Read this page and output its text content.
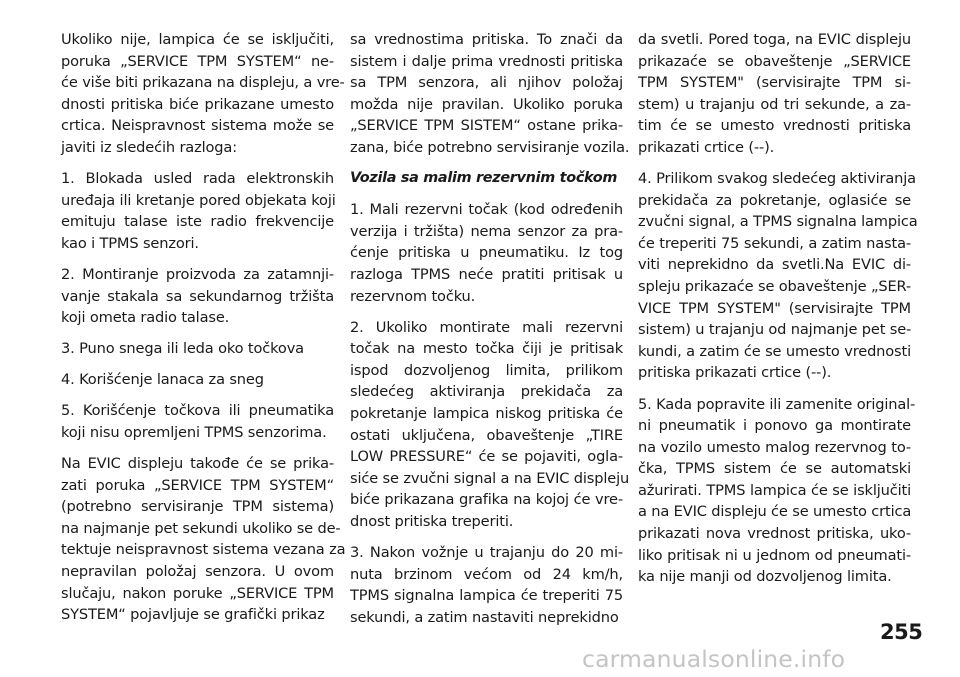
Ukoliko nije, lampica će se isključiti,
poruka „SERVICE TPM SYSTEM“ ne-
će više biti prikazana na displeju, a vre-
dnosti pritiska biće prikazane umesto
crtica. Neispravnost sistema može se
javiti iz sledećih razloga:
1. Blokada usled rada elektronskih
uređaja ili kretanje pored objekata koji
emituju talase iste radio frekvencije
kao i TPMS senzori.
2. Montiranje proizvoda za zatamnji-
vanje stakala sa sekundarnog tržišta
koji ometa radio talase.
3. Puno snega ili leda oko točkova
4. Korišćenje lanaca za sneg
5. Korišćenje točkova ili pneumatika
koji nisu opremljeni TPMS senzorima.
Na EVIC displeju takođe će se prika-
zati poruka „SERVICE TPM SYSTEM“
(potrebno servisiranje TPM sistema)
na najmanje pet sekundi ukoliko se de-
tektuje neispravnost sistema vezana za
nepravilan položaj senzora. U ovom
slučaju, nakon poruke „SERVICE TPM
SYSTEM“ pojavljuje se grafički prikaz
sa vrednostima pritiska. To znači da
sistem i dalje prima vrednosti pritiska
sa TPM senzora, ali njihov položaj
možda nije pravilan. Ukoliko poruka
„SERVICE TPM SISTEM“ ostane prika-
zana, biće potrebno servisiranje vozila.
Vozila sa malim rezervnim točkom
1. Mali rezervni točak (kod određenih
verzija i tržišta) nema senzor za pra-
ćenje pritiska u pneumatiku. Iz tog
razloga TPMS neće pratiti pritisak u
rezervnom točku.
2. Ukoliko montirate mali rezervni
točak na mesto točka čiji je pritisak
ispod dozvoljenog limita, prilikom
sledećeg aktiviranja prekidača za
pokretanje lampica niskog pritiska će
ostati uključena, obaveštenje „TIRE
LOW PRESSURE“ će se pojaviti, ogla-
siće se zvučni signal a na EVIC displeju
biće prikazana grafika na kojoj će vre-
dnost pritiska treperiti.
3. Nakon vožnje u trajanju do 20 mi-
nuta brzinom većom od 24 km/h,
TPMS signalna lampica će treperiti 75
sekundi, a zatim nastaviti neprekidno
da svetli. Pored toga, na EVIC displeju
prikazaće se obaveštenje „SERVICE
TPM SYSTEM" (servisirajte TPM si-
stem) u trajanju od tri sekunde, a za-
tim će se umesto vrednosti pritiska
prikazati crtice (--).
4. Prilikom svakog sledećeg aktiviranja
prekidača za pokretanje, oglasiće se
zvučni signal, a TPMS signalna lampica
će treperiti 75 sekundi, a zatim nasta-
viti neprekidno da svetli.Na EVIC di-
spleju prikazaće se obaveštenje „SER-
VICE TPM SYSTEM" (servisirajte TPM
sistem) u trajanju od najmanje pet se-
kundi, a zatim će se umesto vrednosti
pritiska prikazati crtice (--).
5. Kada popravite ili zamenite original-
ni pneumatik i ponovo ga montirate
na vozilo umesto malog rezervnog to-
čka, TPMS sistem će se automatski
ažurirati. TPMS lampica će se isključiti
a na EVIC displeju će se umesto crtica
prikazati nova vrednost pritiska, uko-
liko pritisak ni u jednom od pneumati-
ka nije manji od dozvoljenog limita.
255
carmanualsonline.info
